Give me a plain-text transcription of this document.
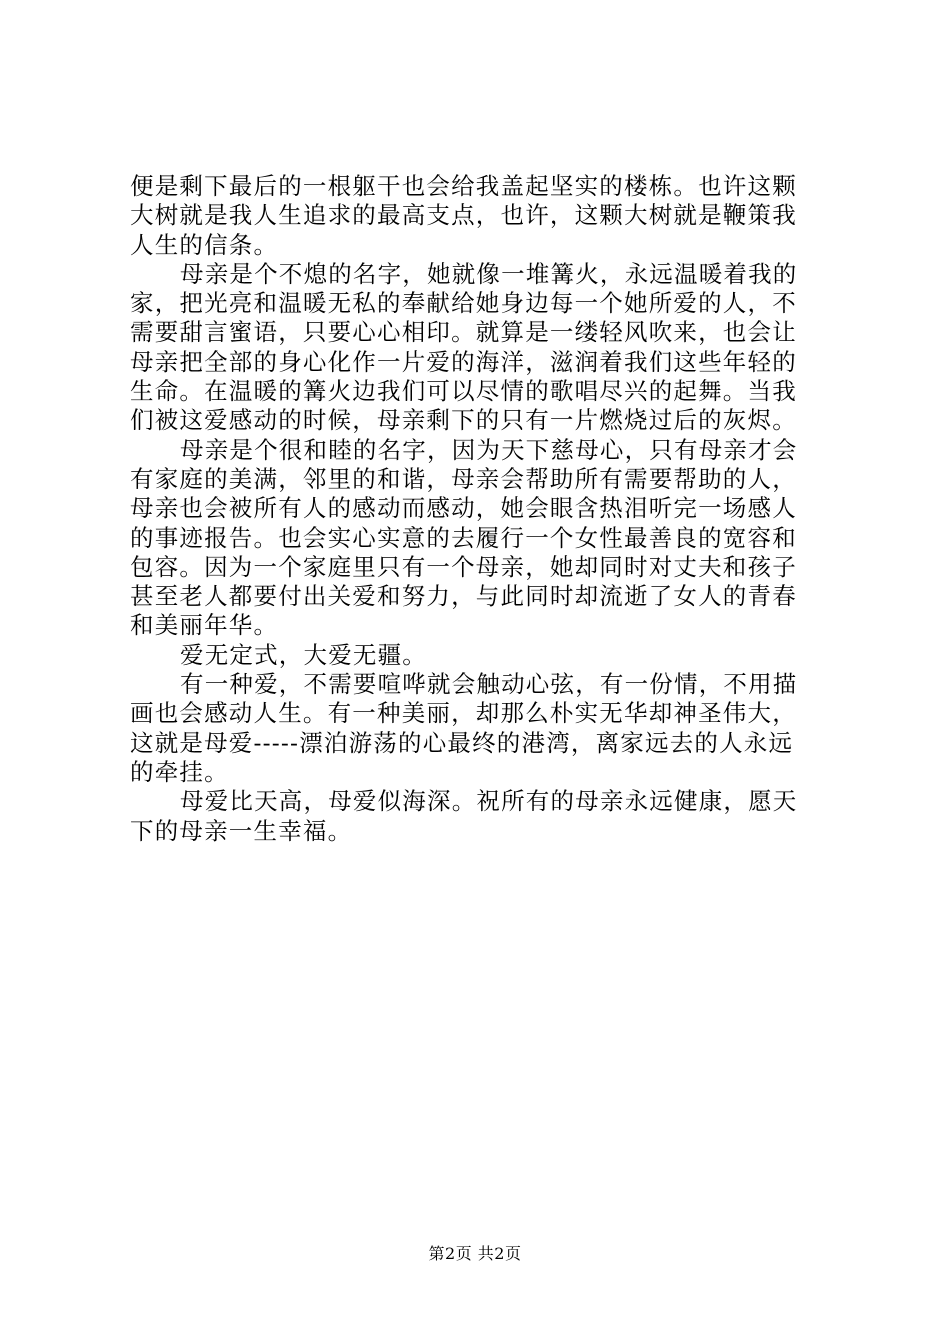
便是剩下最后的一根躯干也会给我盖起坚实的楼栋。也许这颗
大树就是我人生追求的最高支点，也许，这颗大树就是鞭策我
人生的信条。

母亲是个不熄的名字，她就像一堆篝火，永远温暖着我的
家，把光亮和温暖无私的奉献给她身边每一个她所爱的人，不
需要甜言蜜语，只要心心相印。就算是一缕轻风吹来，也会让
母亲把全部的身心化作一片爱的海洋，滋润着我们这些年轻的
生命。在温暖的篝火边我们可以尽情的歌唱尽兴的起舞。当我
们被这爱感动的时候，母亲剩下的只有一片燃烧过后的灰烬。

母亲是个很和睦的名字，因为天下慈母心，只有母亲才会
有家庭的美满，邻里的和谐，母亲会帮助所有需要帮助的人，
母亲也会被所有人的感动而感动，她会眼含热泪听完一场感人
的事迹报告。也会实心实意的去履行一个女性最善良的宽容和
包容。因为一个家庭里只有一个母亲，她却同时对丈夫和孩子
甚至老人都要付出关爱和努力，与此同时却流逝了女人的青春
和美丽年华。

爱无定式，大爱无疆。

有一种爱，不需要喧哗就会触动心弦，有一份情，不用描
画也会感动人生。有一种美丽，却那么朴实无华却神圣伟大，
这就是母爱-----漂泊游荡的心最终的港湾，离家远去的人永远
的牵挂。

母爱比天高，母爱似海深。祝所有的母亲永远健康，愿天
下的母亲一生幸福。

第2页 共2页
